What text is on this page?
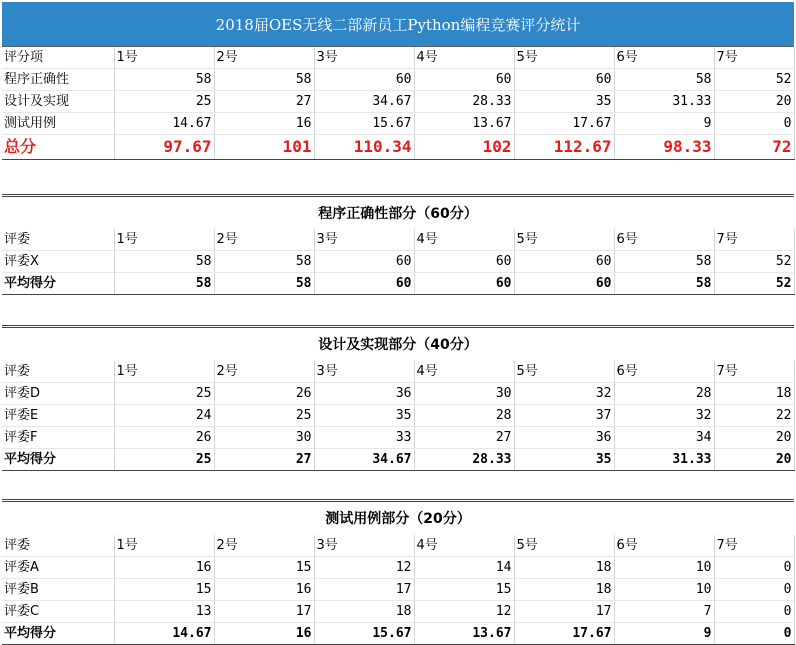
2018届OES无线二部新员工Python编程竞赛评分统计
评分项	1号	2号	3号	4号	5号	6号	7号
程序正确性	58	58	60	60	60	58	52
设计及实现	25	27	34.67	28.33	35	31.33	20
测试用例	14.67	16	15.67	13.67	17.67	9	0
总分	97.67	101	110.34	102	112.67	98.33	72
程序正确性部分（60分）
评委	1号	2号	3号	4号	5号	6号	7号
评委X	58	58	60	60	60	58	52
平均得分	58	58	60	60	60	58	52
设计及实现部分（40分）
评委	1号	2号	3号	4号	5号	6号	7号
评委D	25	26	36	30	32	28	18
评委E	24	25	35	28	37	32	22
评委F	26	30	33	27	36	34	20
平均得分	25	27	34.67	28.33	35	31.33	20
测试用例部分（20分）
评委	1号	2号	3号	4号	5号	6号	7号
评委A	16	15	12	14	18	10	0
评委B	15	16	17	15	18	10	0
评委C	13	17	18	12	17	7	0
平均得分	14.67	16	15.67	13.67	17.67	9	0
